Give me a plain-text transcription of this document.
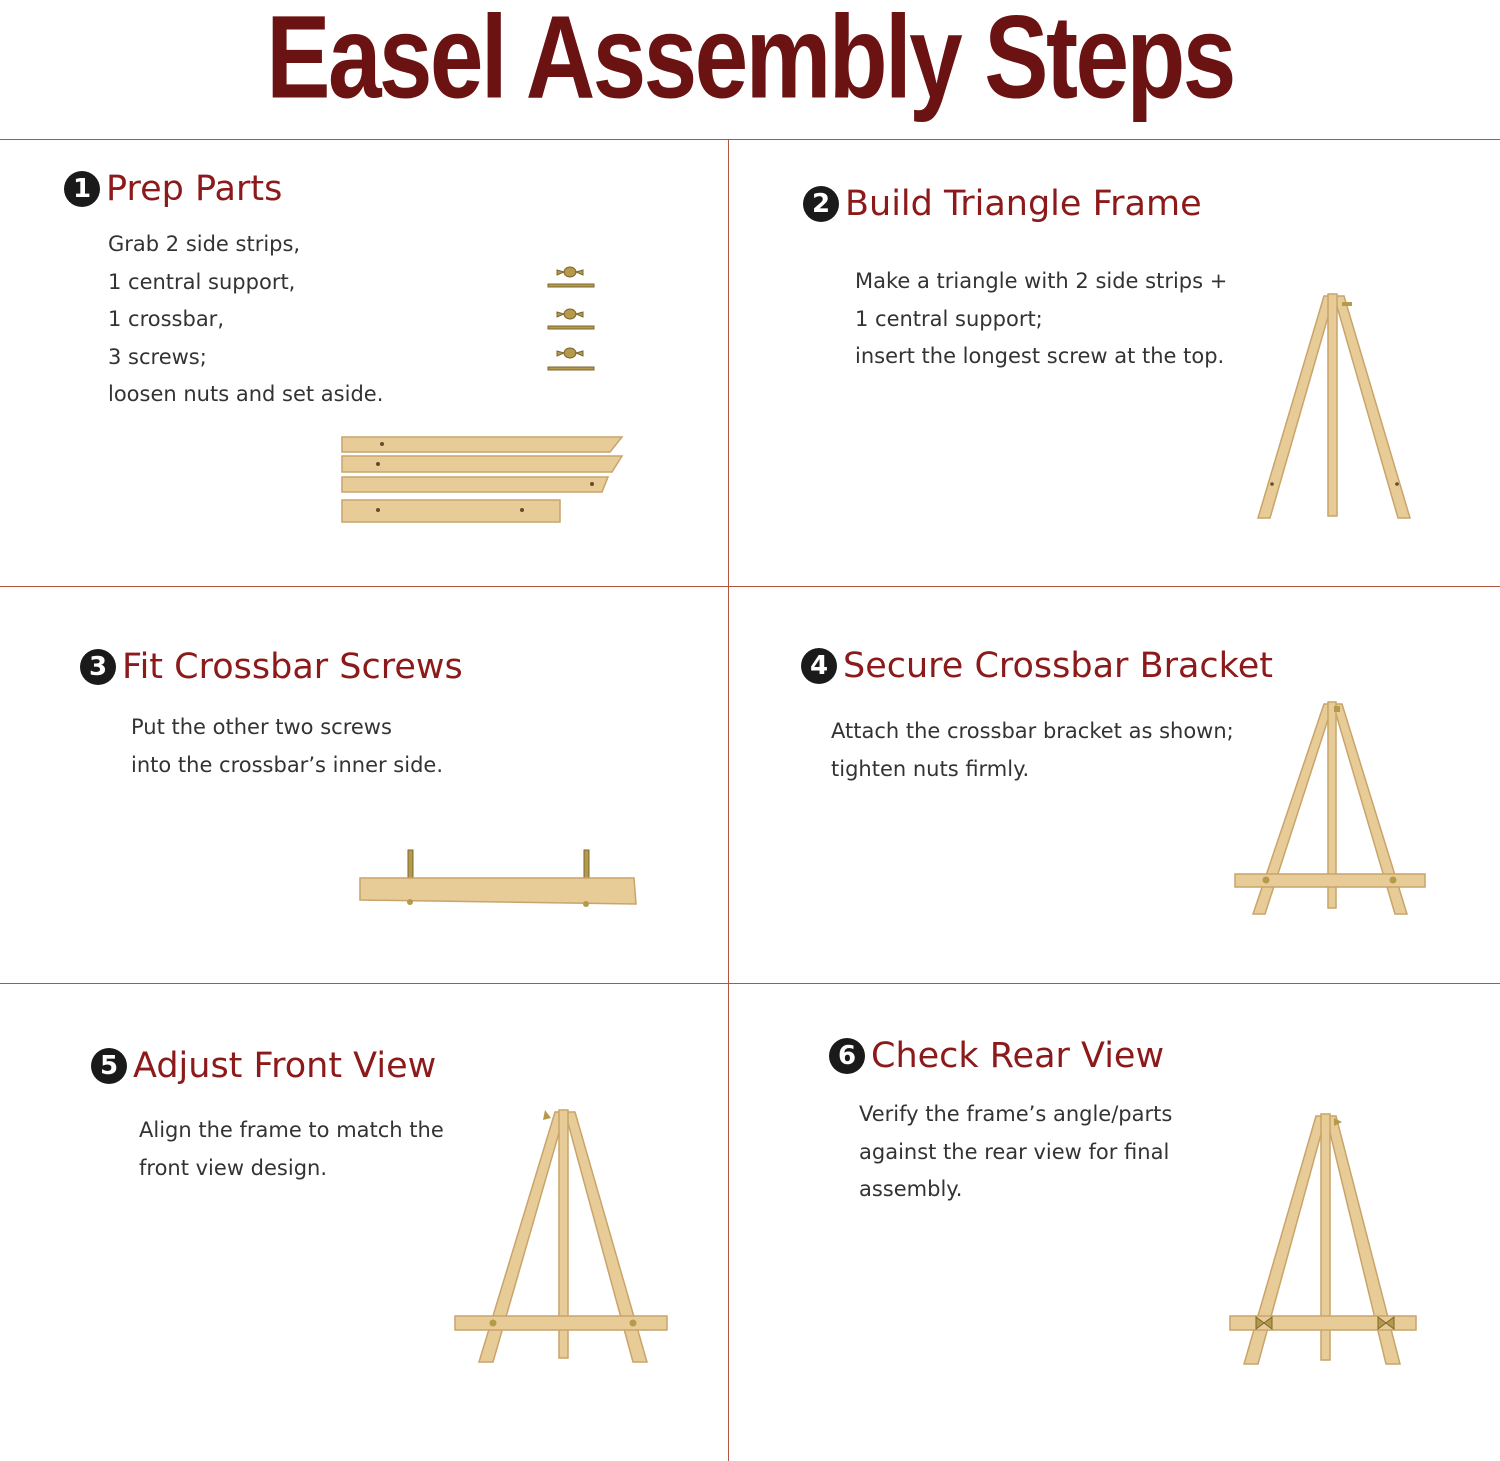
Easel Assembly Steps
1 Prep Parts
Grab 2 side strips,
1 central support,
1 crossbar,
3 screws;
loosen nuts and set aside.
2 Build Triangle Frame
Make a triangle with 2 side strips +
1 central support;
insert the longest screw at the top.
3 Fit Crossbar Screws
Put the other two screws
into the crossbar’s inner side.
4 Secure Crossbar Bracket
Attach the crossbar bracket as shown;
tighten nuts firmly.
5 Adjust Front View
Align the frame to match the
front view design.
6 Check Rear View
Verify the frame’s angle/parts
against the rear view for final
assembly.
